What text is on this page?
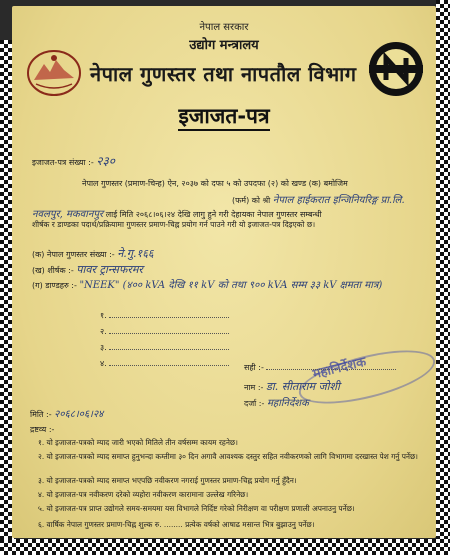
नेपाल सरकार
उद्योग मन्त्रालय
नेपाल गुणस्तर तथा नापतौल विभाग
इजाजत-पत्र
इजाजत-पत्र संख्या :- २३०
नेपाल गुणस्तर (प्रमाण-चिन्ह) ऐन, २०३७ को दफा ५ को उपदफा (२) को खण्ड (क) बमोजिम
(फर्म) को श्री नेपाल हाईकरात इन्जिनियरिङ्ग प्रा.लि.
नवलपुर, मकवानपुर लाई मिति २०६८।०६।२४ देखि लागु हुने गरी देहायका नेपाल गुणस्तर सम्बन्धी
शीर्षक र डाण्डका पदार्थ/प्रक्रियामा गुणस्तर प्रमाण-चिह्न प्रयोग गर्न पाउने गरी यो इजाजत-पत्र दिइएको छ।
(क) नेपाल गुणस्तर संख्या :- ने.गु.१६६
(ख) शीर्षक :- पावर ट्रान्सफरमर
(ग) डाण्डहरु :- "NEEK" (४०० kVA देखि ११ kV को तथा ९०० kVA सम्म ३३ kV क्षमता मात्र)
१.
२.
३.
४.	महानिर्देशक
सही :-
नाम :- डा. सीताराम जोशी
दर्जा :- महानिर्देशक
मिति :- २०६८।०६।२४
द्रष्टव्य :-
१. यो इजाजत-पत्रको म्याद जारी भएको मितिले तीन वर्षसम्म कायम रहनेछ।
२. यो इजाजत-पत्रको म्याद समाप्त हुनुभन्दा कम्तीमा ३० दिन अगावै आवश्यक दस्तुर सहित नवीकरणको लागि विभागमा दरखास्त पेश गर्नु पर्नेछ।
३. यो इजाजत-पत्रको म्याद समाप्त भएपछि नवीकरण नगराई गुणस्तर प्रमाण-चिह्न प्रयोग गर्नु हुँदैन।
४. यो इजाजत-पत्र नवीकरण दरेको व्यहोरा नवीकरण कारामाना उल्लेख गरिनेछ।
५. यो इजाजत-पत्र प्राप्त उद्योगले समय-समयमा यस विभागले निर्दिष्ट गरेको निरीक्षण वा परीक्षण प्रणाली अपनाउनु पर्नेछ।
६. वार्षिक नेपाल गुणस्तर प्रमाण-चिह्न शुल्क रु. ........ प्रत्येक वर्षको आषाढ मसान्त भित्र बुझाउनु पर्नेछ।
